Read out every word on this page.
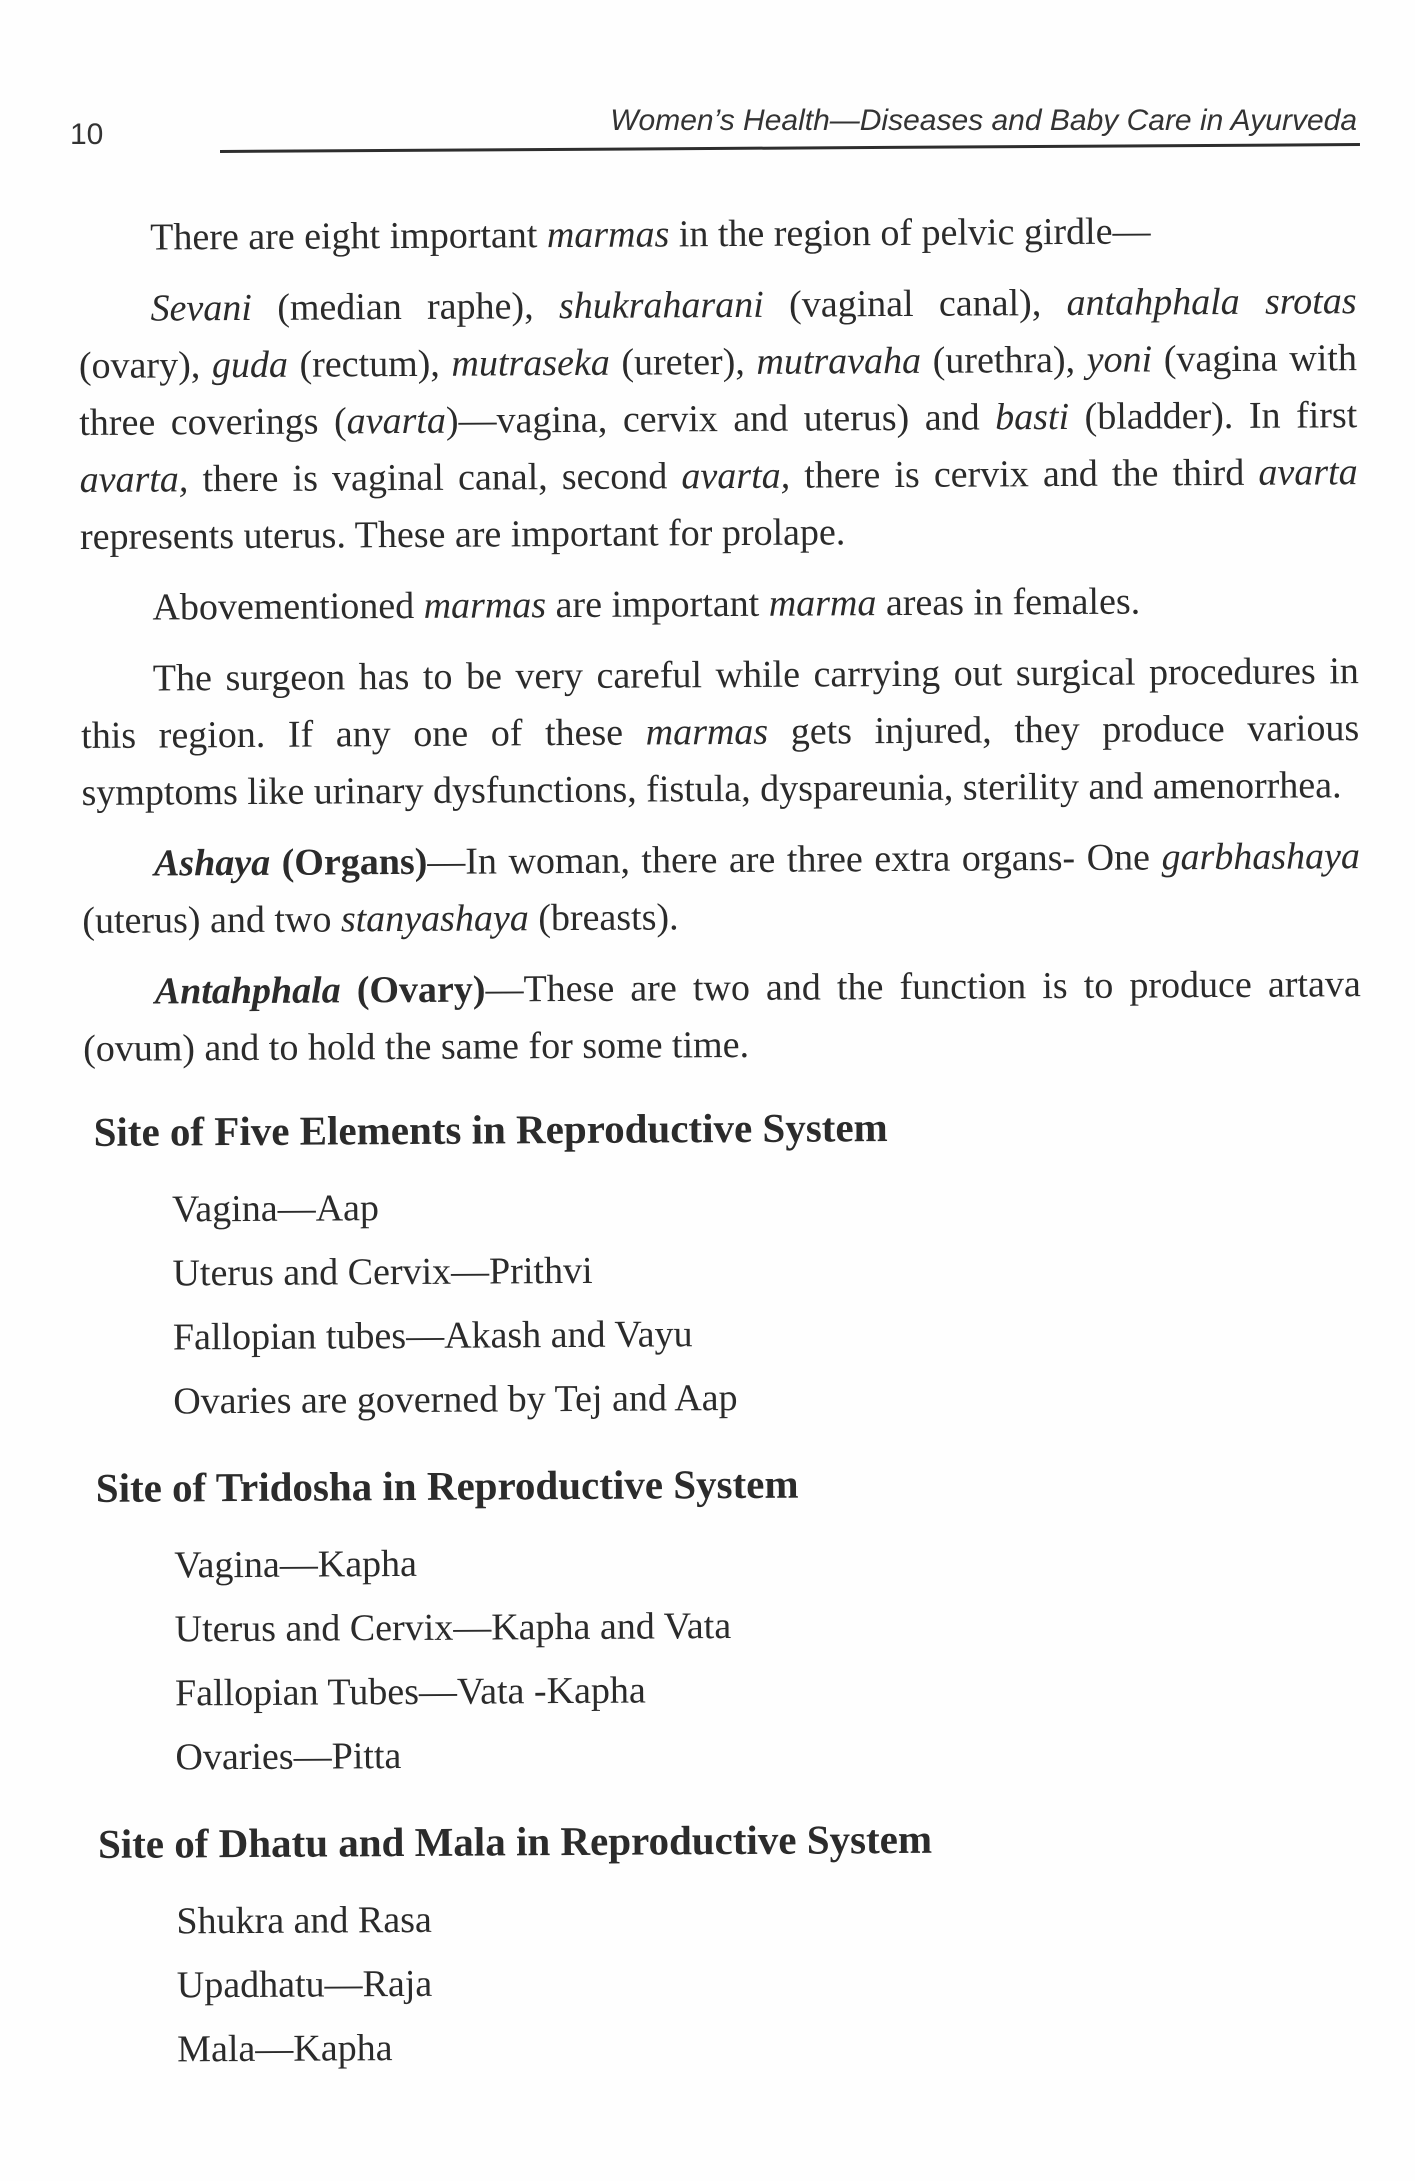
10	Women’s Health—Diseases and Baby Care in Ayurveda

There are eight important marmas in the region of pelvic girdle—

Sevani (median raphe), shukraharani (vaginal canal), antahphala srotas (ovary), guda (rectum), mutraseka (ureter), mutravaha (urethra), yoni (vagina with three coverings (avarta)—vagina, cervix and uterus) and basti (bladder). In first avarta, there is vaginal canal, second avarta, there is cervix and the third avarta represents uterus. These are important for prolape.

Abovementioned marmas are important marma areas in females.

The surgeon has to be very careful while carrying out surgical procedures in this region. If any one of these marmas gets injured, they produce various symptoms like urinary dysfunctions, fistula, dyspareunia, sterility and amenorrhea.

Ashaya (Organs)—In woman, there are three extra organs- One garbhashaya (uterus) and two stanyashaya (breasts).

Antahphala (Ovary)—These are two and the function is to produce artava (ovum) and to hold the same for some time.

Site of Five Elements in Reproductive System
Vagina—Aap
Uterus and Cervix—Prithvi
Fallopian tubes—Akash and Vayu
Ovaries are governed by Tej and Aap
Site of Tridosha in Reproductive System
Vagina—Kapha
Uterus and Cervix—Kapha and Vata
Fallopian Tubes—Vata -Kapha
Ovaries—Pitta
Site of Dhatu and Mala in Reproductive System
Shukra and Rasa
Upadhatu—Raja
Mala—Kapha
